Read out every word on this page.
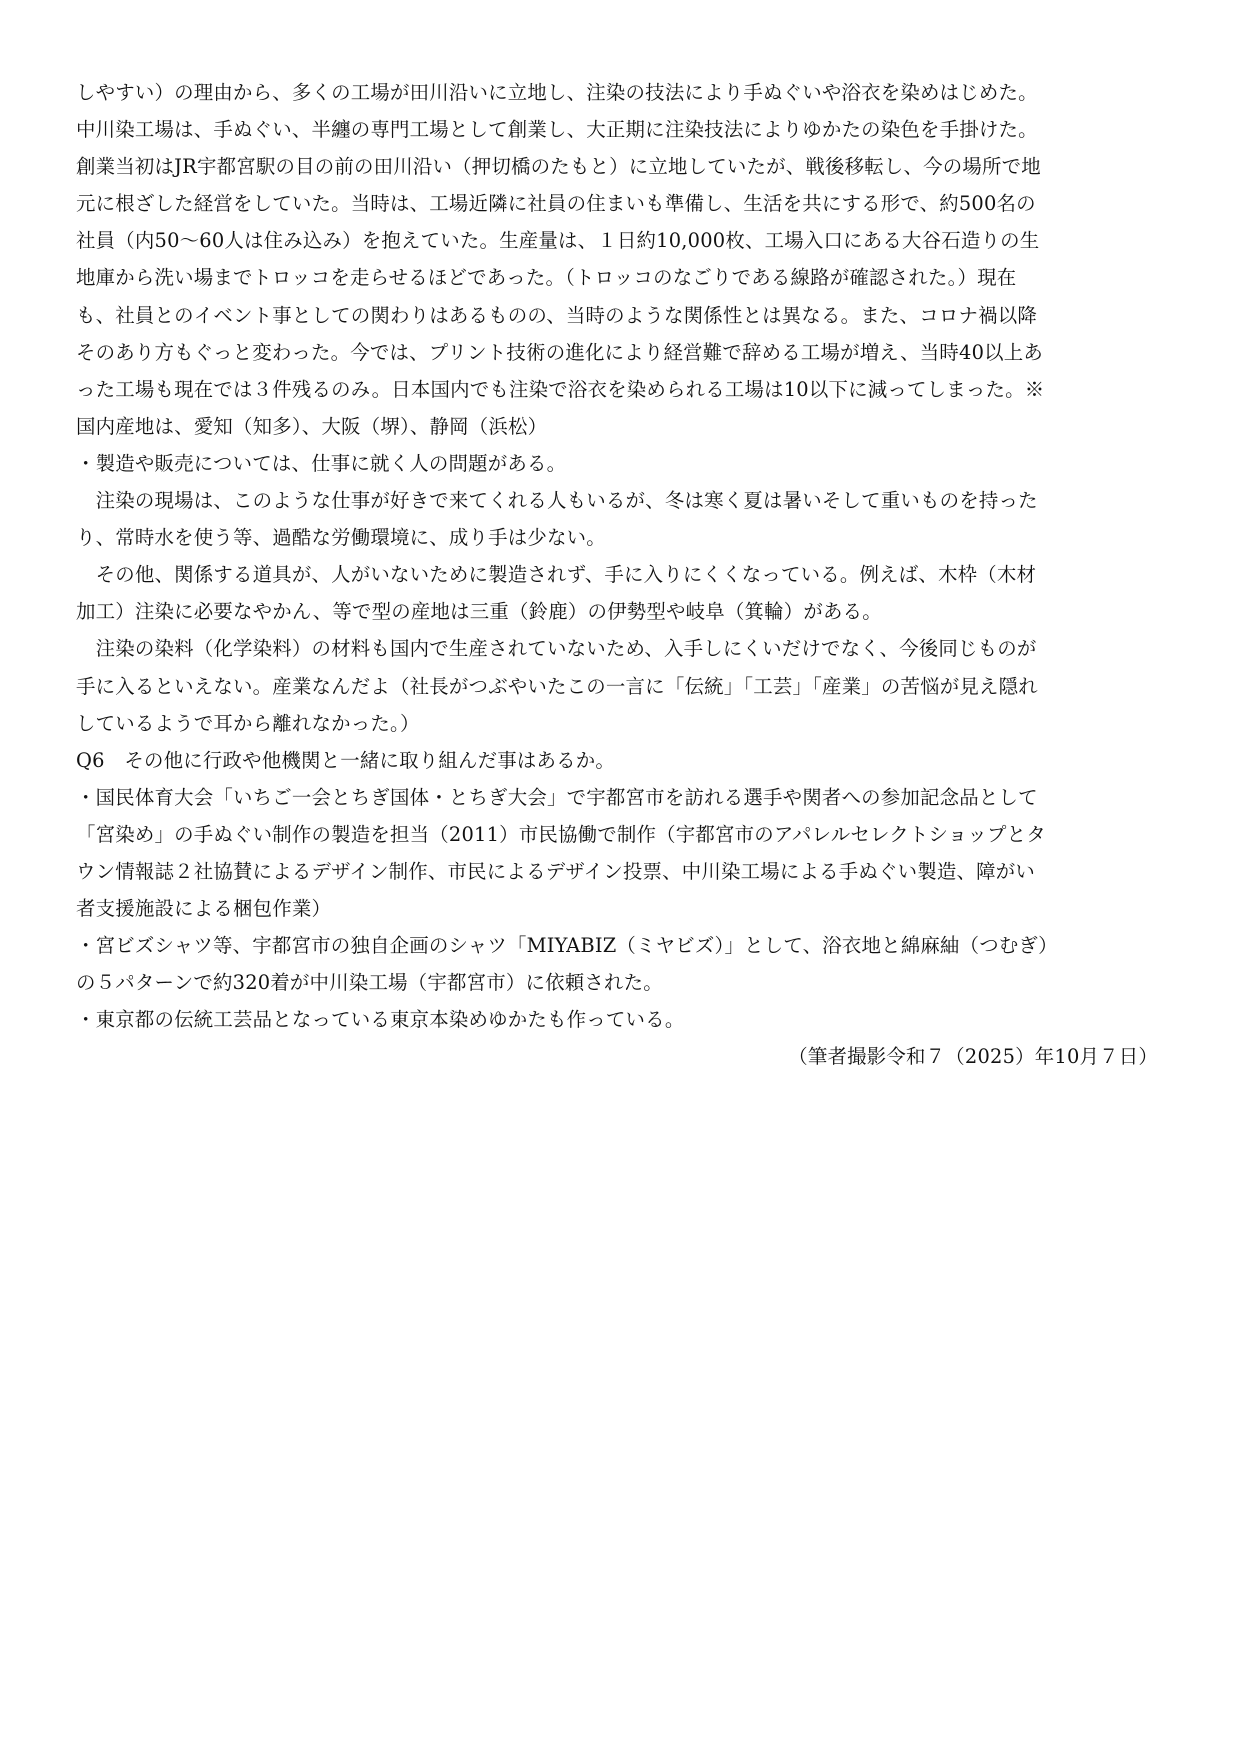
しやすい）の理由から、多くの工場が田川沿いに立地し、注染の技法により手ぬぐいや浴衣を染めはじめた。
中川染工場は、手ぬぐい、半纏の専門工場として創業し、大正期に注染技法によりゆかたの染色を手掛けた。
創業当初はJR宇都宮駅の目の前の田川沿い（押切橋のたもと）に立地していたが、戦後移転し、今の場所で地
元に根ざした経営をしていた。当時は、工場近隣に社員の住まいも準備し、生活を共にする形で、約500名の
社員（内50～60人は住み込み）を抱えていた。生産量は、１日約10,000枚、工場入口にある大谷石造りの生
地庫から洗い場までトロッコを走らせるほどであった。（トロッコのなごりである線路が確認された。）現在
も、社員とのイベント事としての関わりはあるものの、当時のような関係性とは異なる。また、コロナ禍以降
そのあり方もぐっと変わった。今では、プリント技術の進化により経営難で辞める工場が増え、当時40以上あ
った工場も現在では３件残るのみ。日本国内でも注染で浴衣を染められる工場は10以下に減ってしまった。※
国内産地は、愛知（知多）、大阪（堺）、静岡（浜松）
・製造や販売については、仕事に就く人の問題がある。
　注染の現場は、このような仕事が好きで来てくれる人もいるが、冬は寒く夏は暑いそして重いものを持った
り、常時水を使う等、過酷な労働環境に、成り手は少ない。
　その他、関係する道具が、人がいないために製造されず、手に入りにくくなっている。例えば、木枠（木材
加工）注染に必要なやかん、等で型の産地は三重（鈴鹿）の伊勢型や岐阜（箕輪）がある。
　注染の染料（化学染料）の材料も国内で生産されていないため、入手しにくいだけでなく、今後同じものが
手に入るといえない。産業なんだよ（社長がつぶやいたこの一言に「伝統」「工芸」「産業」の苦悩が見え隠れ
しているようで耳から離れなかった。）
Q6　その他に行政や他機関と一緒に取り組んだ事はあるか。
・国民体育大会「いちご一会とちぎ国体・とちぎ大会」で宇都宮市を訪れる選手や関者への参加記念品として
「宮染め」の手ぬぐい制作の製造を担当（2011）市民協働で制作（宇都宮市のアパレルセレクトショップとタ
ウン情報誌２社協賛によるデザイン制作、市民によるデザイン投票、中川染工場による手ぬぐい製造、障がい
者支援施設による梱包作業）
・宮ビズシャツ等、宇都宮市の独自企画のシャツ「MIYABIZ（ミヤビズ）」として、浴衣地と綿麻紬（つむぎ）
の５パターンで約320着が中川染工場（宇都宮市）に依頼された。
・東京都の伝統工芸品となっている東京本染めゆかたも作っている。
（筆者撮影令和７（2025）年10月７日）
